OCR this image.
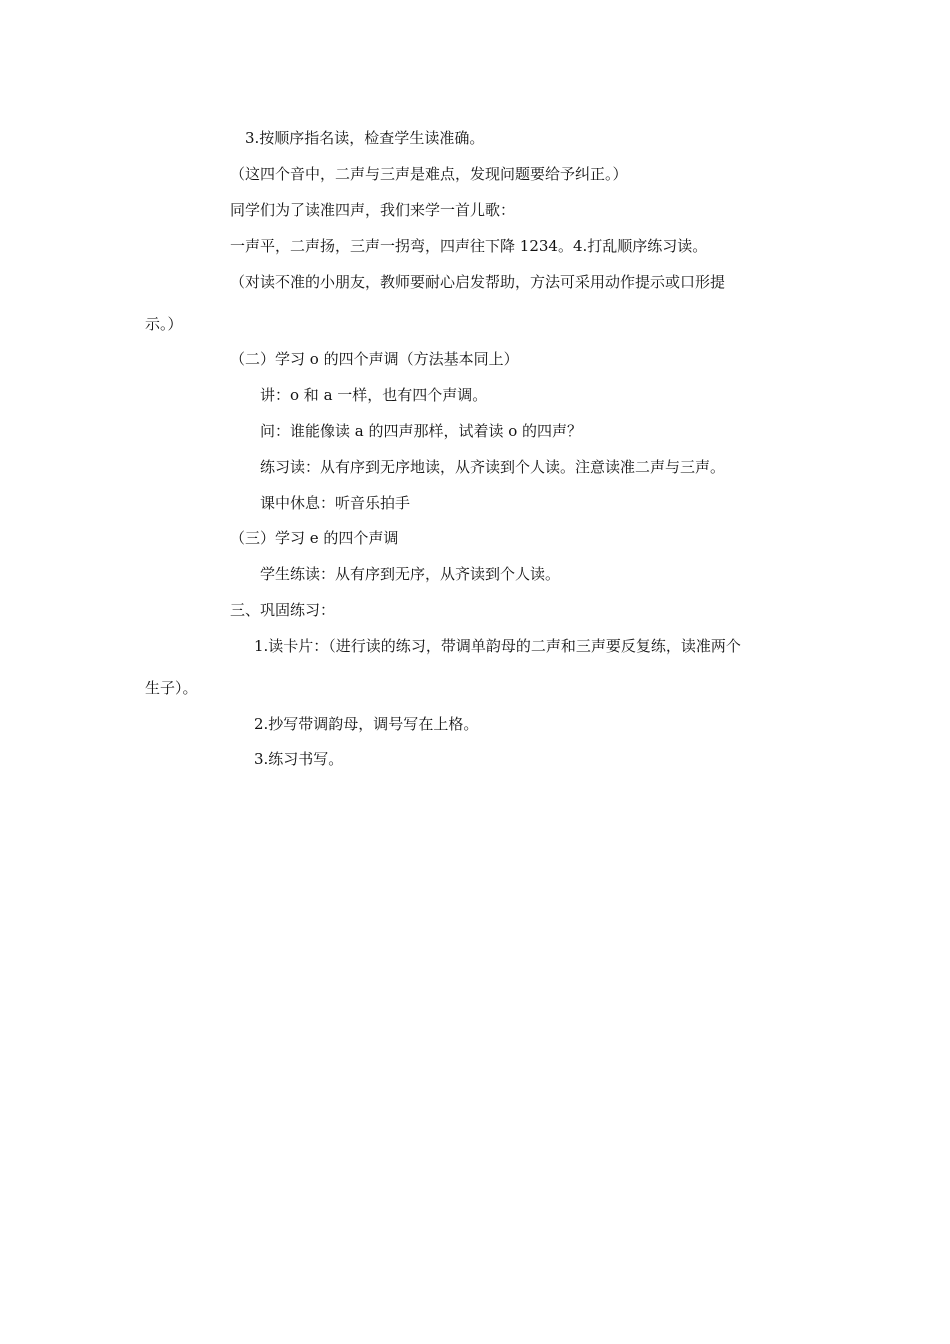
3.按顺序指名读，检查学生读准确。
（这四个音中，二声与三声是难点，发现问题要给予纠正。）
同学们为了读准四声，我们来学一首儿歌：
一声平，二声扬，三声一拐弯，四声往下降 1234。4.打乱顺序练习读。
（对读不准的小朋友，教师要耐心启发帮助，方法可采用动作提示或口形提
示。）
（二）学习 o 的四个声调（方法基本同上）
讲：o 和 a 一样，也有四个声调。
问：谁能像读 a 的四声那样，试着读 o 的四声？
练习读：从有序到无序地读，从齐读到个人读。注意读准二声与三声。
课中休息：听音乐拍手
（三）学习 e 的四个声调
学生练读：从有序到无序，从齐读到个人读。
三、巩固练习：
1.读卡片：（进行读的练习，带调单韵母的二声和三声要反复练，读准两个
生子）。
2.抄写带调韵母，调号写在上格。
3.练习书写。
